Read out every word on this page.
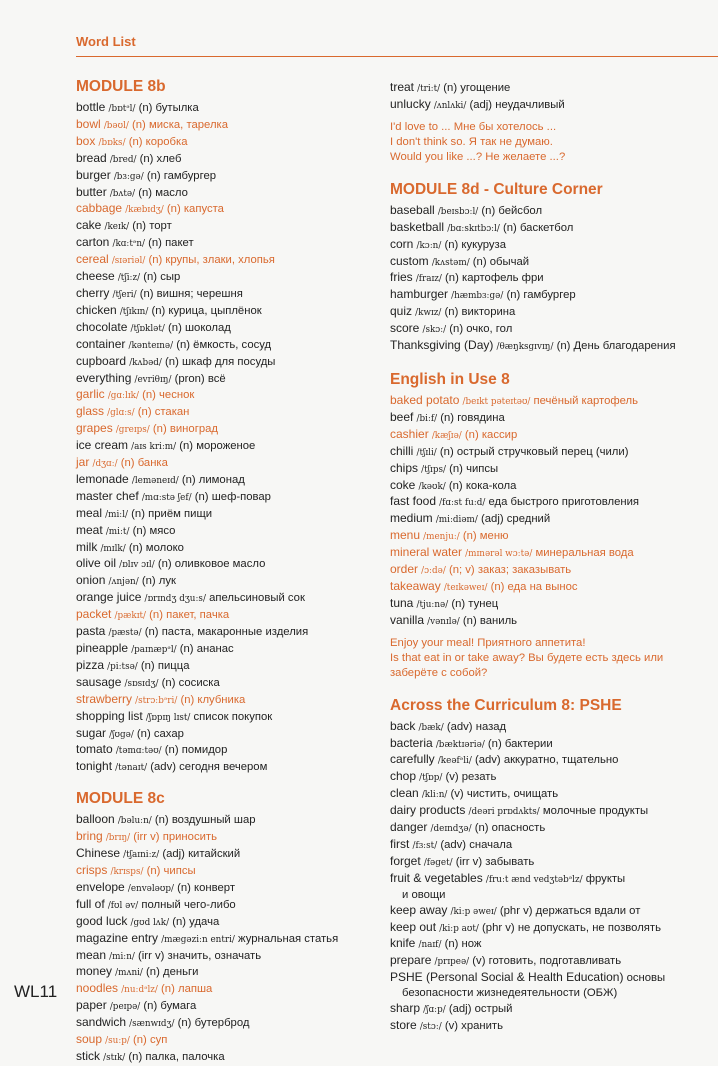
Word List
MODULE 8b
bottle /bɒtᵊl/ (n) бутылка
bowl /bəʊl/ (n) миска, тарелка
box /bɒks/ (n) коробка
bread /bred/ (n) хлеб
burger /bɜːgə/ (n) гамбургер
butter /bʌtə/ (n) масло
cabbage /kæbɪdʒ/ (n) капуста
cake /keɪk/ (n) торт
carton /kɑːtᵊn/ (n) пакет
cereal /sɪəriəl/ (n) крупы, злаки, хлопья
cheese /tʃiːz/ (n) сыр
cherry /tʃeri/ (n) вишня; черешня
chicken /tʃɪkɪn/ (n) курица, цыплёнок
chocolate /tʃɒklət/ (n) шоколад
container /kəntеɪnə/ (n) ёмкость, сосуд
cupboard /kʌbəd/ (n) шкаф для посуды
everything /evriθɪŋ/ (pron) всё
garlic /gɑːlɪk/ (n) чеснок
glass /glɑːs/ (n) стакан
grapes /greɪps/ (n) виноград
ice cream /aɪs kriːm/ (n) мороженое
jar /dʒɑː/ (n) банка
lemonade /leməneɪd/ (n) лимонад
master chef /mɑːstə ʃef/ (n) шеф-повар
meal /miːl/ (n) приём пищи
meat /miːt/ (n) мясо
milk /mɪlk/ (n) молоко
olive oil /ɒlɪv ɔɪl/ (n) оливковое масло
onion /ʌnjən/ (n) лук
orange juice /ɒrɪndʒ dʒuːs/ апельсиновый сок
packet /pækɪt/ (n) пакет, пачка
pasta /pæstə/ (n) паста, макаронные изделия
pineapple /paɪnæpᵊl/ (n) ананас
pizza /piːtsə/ (n) пицца
sausage /sɒsɪdʒ/ (n) сосиска
strawberry /strɔːbᵊri/ (n) клубника
shopping list /ʃɒpɪŋ lɪst/ список покупок
sugar /ʃʊgə/ (n) сахар
tomato /təmɑːtəʊ/ (n) помидор
tonight /tənaɪt/ (adv) сегодня вечером
MODULE 8c
balloon /bəluːn/ (n) воздушный шар
bring /brɪŋ/ (irr v) приносить
Chinese /tʃaɪniːz/ (adj) китайский
crisps /krɪsps/ (n) чипсы
envelope /envələʊp/ (n) конверт
full of /fʊl əv/ полный чего-либо
good luck /gʊd lʌk/ (n) удача
magazine entry /mægəziːn entri/ журнальная статья
mean /miːn/ (irr v) значить, означать
money /mʌni/ (n) деньги
noodles /nuːdᵊlz/ (n) лапша
paper /peɪpə/ (n) бумага
sandwich /sænwɪdʒ/ (n) бутерброд
soup /suːp/ (n) суп
stick /stɪk/ (n) палка, палочка
treat /triːt/ (n) угощение
unlucky /ʌnlʌki/ (adj) неудачливый
I'd love to ... Мне бы хотелось ...
I don't think so. Я так не думаю.
Would you like ...? Не желаете ...?
MODULE 8d - Culture Corner
baseball /beɪsbɔːl/ (n) бейсбол
basketball /bɑːskɪtbɔːl/ (n) баскетбол
corn /kɔːn/ (n) кукуруза
custom /kʌstəm/ (n) обычай
fries /fraɪz/ (n) картофель фри
hamburger /hæmbɜːgə/ (n) гамбургер
quiz /kwɪz/ (n) викторина
score /skɔː/ (n) очко, гол
Thanksgiving (Day) /θæŋksgɪvɪŋ/ (n) День благодарения
English in Use 8
baked potato /beɪkt pəteɪtəʊ/ печёный картофель
beef /biːf/ (n) говядина
cashier /kæʃɪə/ (n) кассир
chilli /tʃɪli/ (n) острый стручковый перец (чили)
chips /tʃɪps/ (n) чипсы
coke /kəʊk/ (n) кока-кола
fast food /fɑːst fuːd/ еда быстрого приготовления
medium /miːdiəm/ (adj) средний
menu /menjuː/ (n) меню
mineral water /mɪnərəl wɔːtə/ минеральная вода
order /ɔːdə/ (n; v) заказ; заказывать
takeaway /teɪkəweɪ/ (n) еда на вынос
tuna /tjuːnə/ (n) тунец
vanilla /vənɪlə/ (n) ваниль
Enjoy your meal! Приятного аппетита!
Is that eat in or take away? Вы будете есть здесь или
заберёте с собой?
Across the Curriculum 8: PSHE
back /bæk/ (adv) назад
bacteria /bæktɪəriə/ (n) бактерии
carefully /keəfᵊli/ (adv) аккуратно, тщательно
chop /tʃɒp/ (v) резать
clean /kliːn/ (v) чистить, очищать
dairy products /deəri prɒdʌkts/ молочные продукты
danger /deɪndʒə/ (n) опасность
first /fɜːst/ (adv) сначала
forget /fəget/ (irr v) забывать
fruit & vegetables /fruːt ænd vedʒtəbᵊlz/ фрукты
и овощи
keep away /kiːp əweɪ/ (phr v) держаться вдали от
keep out /kiːp aʊt/ (phr v) не допускать, не позволять
knife /naɪf/ (n) нож
prepare /prɪpeə/ (v) готовить, подготавливать
PSHE (Personal Social & Health Education) основы
безопасности жизнедеятельности (ОБЖ)
sharp /ʃɑːp/ (adj) острый
store /stɔː/ (v) хранить
WL11
